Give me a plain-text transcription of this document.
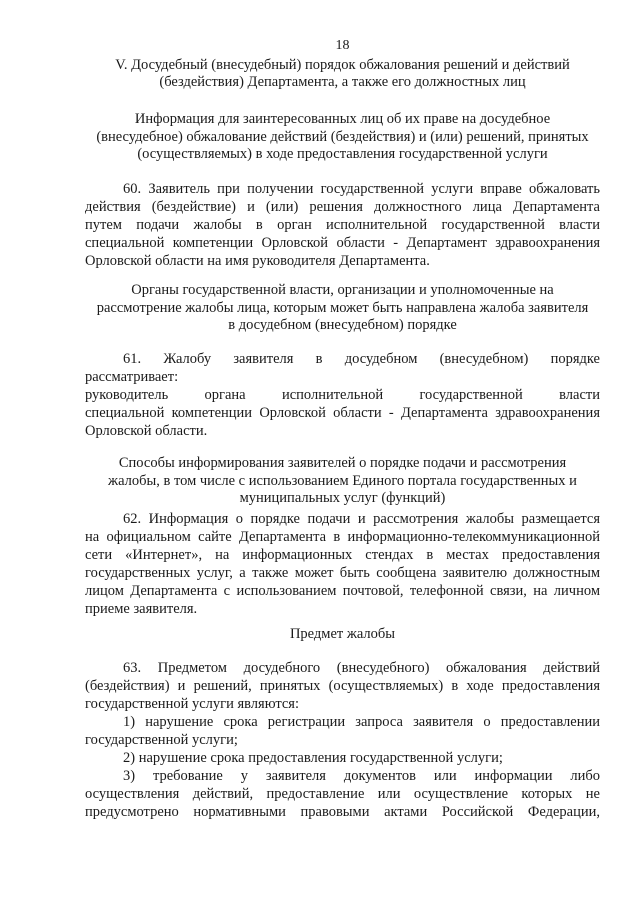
18
V. Досудебный (внесудебный) порядок обжалования решений и действий
(бездействия) Департамента, а также его должностных лиц
Информация для заинтересованных лиц об их праве на досудебное
(внесудебное) обжалование действий (бездействия) и (или) решений, принятых
(осуществляемых) в ходе предоставления государственной услуги
60. Заявитель при получении государственной услуги вправе обжаловать
действия (бездействие) и (или) решения должностного лица Департамента
путем подачи жалобы в орган исполнительной государственной власти
специальной компетенции Орловской области - Департамент здравоохранения
Орловской области на имя руководителя Департамента.
Органы государственной власти, организации и уполномоченные на
рассмотрение жалобы лица, которым может быть направлена жалоба заявителя
в досудебном (внесудебном) порядке
61. Жалобу заявителя в досудебном (внесудебном) порядке
рассматривает:
руководитель органа исполнительной государственной власти
специальной компетенции Орловской области - Департамента здравоохранения
Орловской области.
Способы информирования заявителей о порядке подачи и рассмотрения
жалобы, в том числе с использованием Единого портала государственных и
муниципальных услуг (функций)
62. Информация о порядке подачи и рассмотрения жалобы размещается
на официальном сайте Департамента в информационно-телекоммуникационной
сети «Интернет», на информационных стендах в местах предоставления
государственных услуг, а также может быть сообщена заявителю должностным
лицом Департамента с использованием почтовой, телефонной связи, на личном
приеме заявителя.
Предмет жалобы
63. Предметом досудебного (внесудебного) обжалования действий
(бездействия) и решений, принятых (осуществляемых) в ходе предоставления
государственной услуги являются:
1) нарушение срока регистрации запроса заявителя о предоставлении
государственной услуги;
2) нарушение срока предоставления государственной услуги;
3) требование у заявителя документов или информации либо
осуществления действий, предоставление или осуществление которых не
предусмотрено нормативными правовыми актами Российской Федерации,
